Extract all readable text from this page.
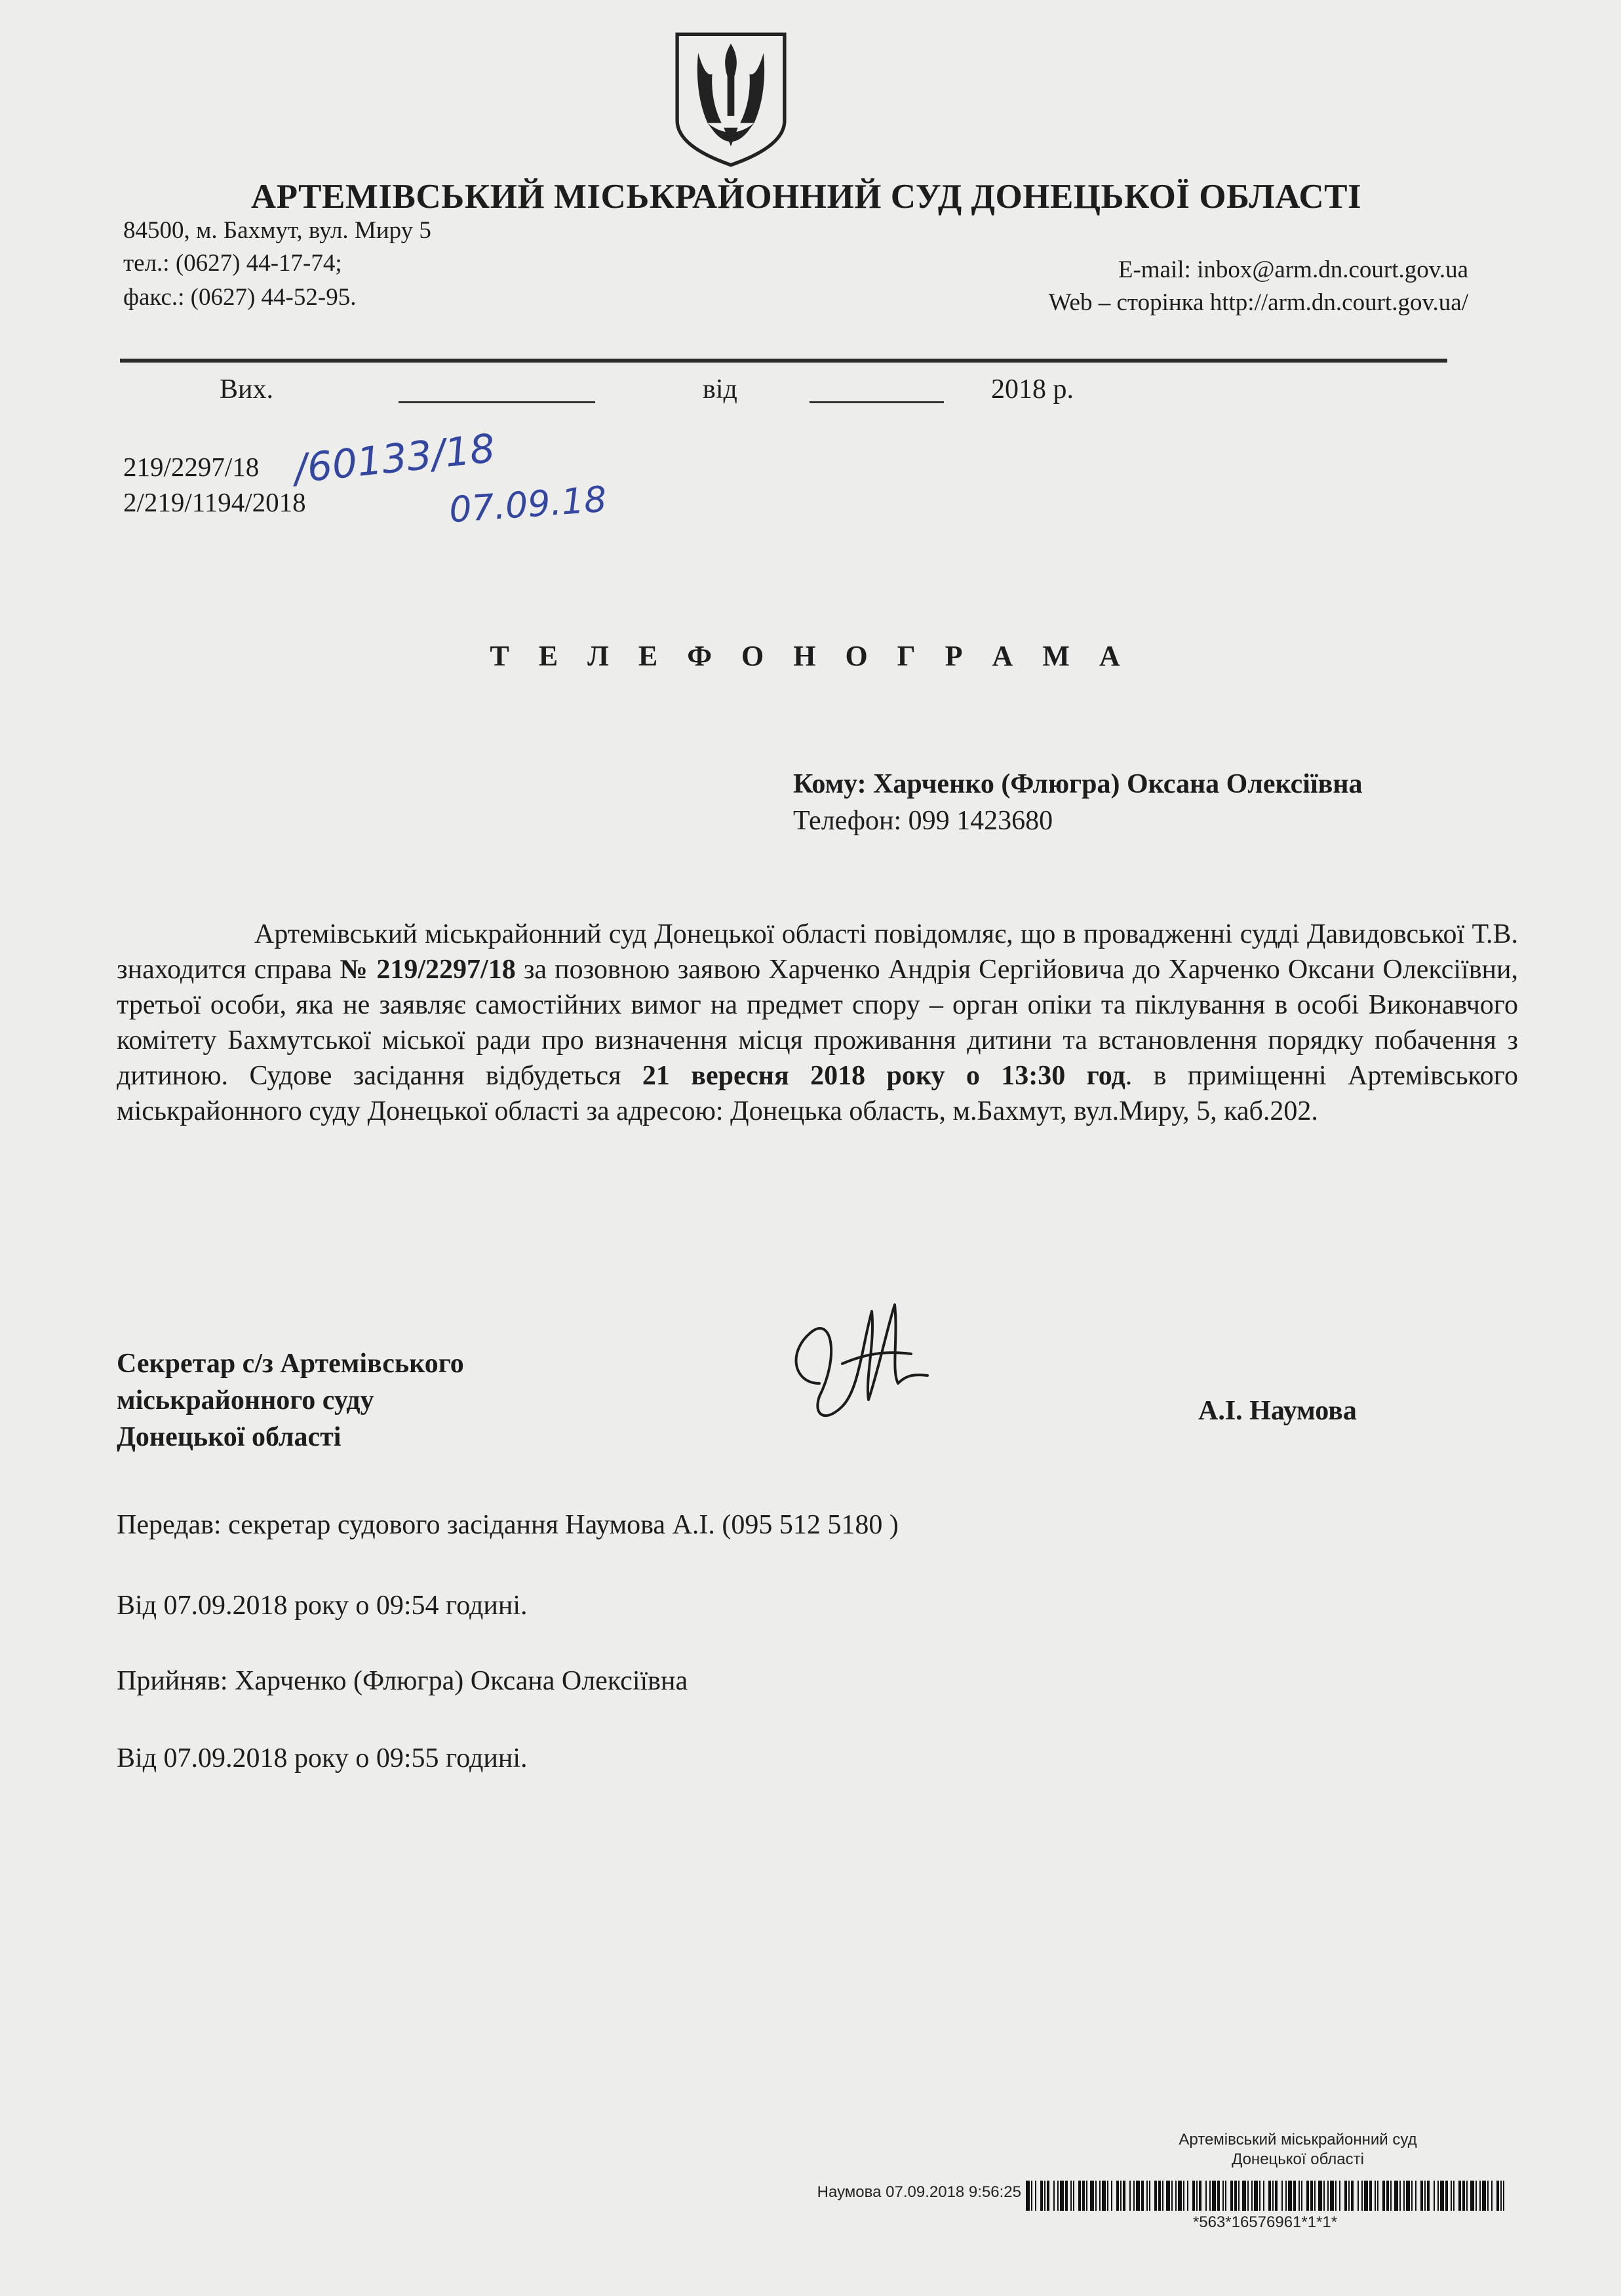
АРТЕМІВСЬКИЙ МІСЬКРАЙОННИЙ СУД ДОНЕЦЬКОЇ ОБЛАСТІ
84500, м. Бахмут, вул. Миру 5
тел.: (0627) 44-17-74;
факс.: (0627) 44-52-95.
E-mail: inbox@arm.dn.court.gov.ua
Web – сторінка http://arm.dn.court.gov.ua/
Вих.	від	2018 р.
219/2297/18
2/219/1194/2018
/60133/18
07.09.18
Т Е Л Е Ф О Н О Г Р А М А
Кому: Харченко (Флюгра) Оксана Олексіївна
Телефон: 099 1423680

Артемівський міськрайонний суд Донецької області повідомляє, що в провадженні судді Давидовської Т.В. знаходится справа № 219/2297/18 за позовною заявою Харченко Андрія Сергійовича до Харченко Оксани Олексіївни, третьої особи, яка не заявляє самостійних вимог на предмет спору – орган опіки та піклування в особі Виконавчого комітету Бахмутської міської ради про визначення місця проживання дитини та встановлення порядку побачення з дитиною. Судове засідання відбудеться 21 вересня 2018 року о 13:30 год. в приміщенні Артемівського міськрайонного суду Донецької області за адресою: Донецька область, м.Бахмут, вул.Миру, 5, каб.202.

Секретар с/з Артемівського
міськрайонного суду
Донецької області
А.І. Наумова
Передав: секретар судового засідання Наумова А.І. (095 512 5180 )
Від 07.09.2018 року о 09:54 годині.
Прийняв: Харченко (Флюгра) Оксана Олексіївна
Від 07.09.2018 року о 09:55 годині.
Артемівський міськрайонний суд
Донецької області
Наумова 07.09.2018 9:56:25
*563*16576961*1*1*
